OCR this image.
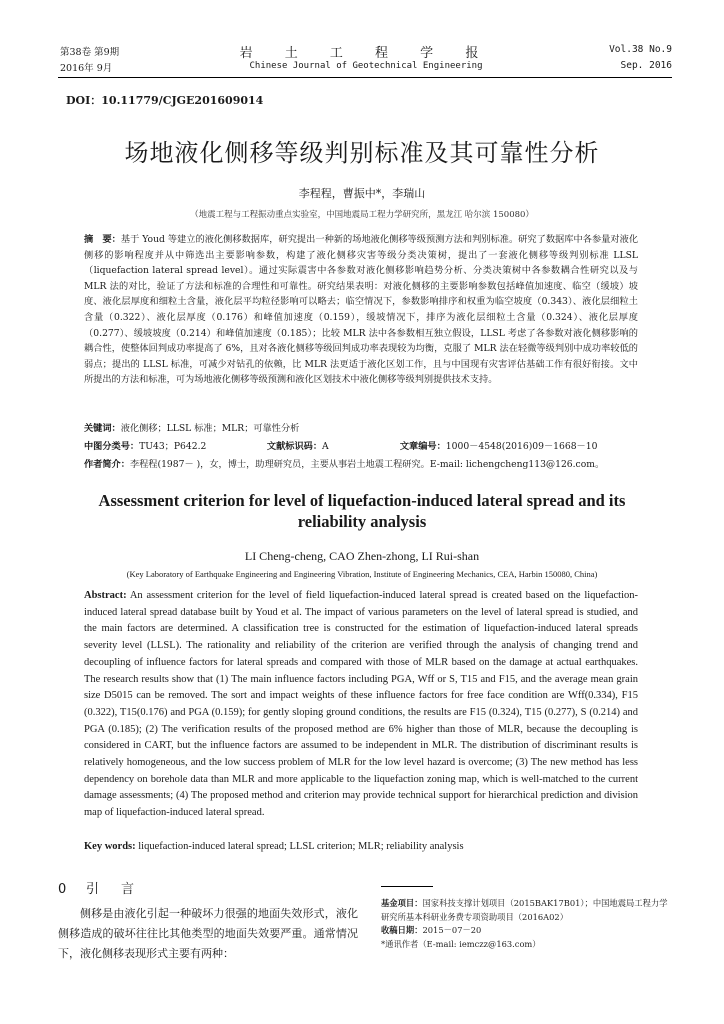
第38卷 第9期
2016年 9月
岩 土 工 程 学 报
Chinese Journal of Geotechnical Engineering
Vol.38 No.9
Sep. 2016
DOI：10.11779/CJGE201609014
场地液化侧移等级判别标准及其可靠性分析
李程程，曹振中*，李瑞山
（地震工程与工程振动重点实验室，中国地震局工程力学研究所，黑龙江 哈尔滨 150080）
摘　要：基于 Youd 等建立的液化侧移数据库，研究提出一种新的场地液化侧移等级预测方法和判别标准。研究了数据库中各参量对液化侧移的影响程度并从中筛选出主要影响参数，构建了液化侧移灾害等级分类决策树，提出了一套液化侧移等级判别标准 LLSL（liquefaction lateral spread level）。通过实际震害中各参数对液化侧移影响趋势分析、分类决策树中各参数耦合性研究以及与 MLR 法的对比，验证了方法和标准的合理性和可靠性。研究结果表明：对液化侧移的主要影响参数包括峰值加速度、临空（缓坡）坡度、液化层厚度和细粒土含量，液化层平均粒径影响可以略去；临空情况下，参数影响排序和权重为临空坡度（0.343）、液化层细粒土含量（0.322）、液化层厚度（0.176）和峰值加速度（0.159），缓坡情况下，排序为液化层细粒土含量（0.324）、液化层厚度（0.277）、缓坡坡度（0.214）和峰值加速度（0.185）；比较 MLR 法中各参数相互独立假设，LLSL 考虑了各参数对液化侧移影响的耦合性，使整体回判成功率提高了 6%，且对各液化侧移等级回判成功率表现较为均衡，克服了 MLR 法在轻微等级判别中成功率较低的弱点；提出的 LLSL 标准，可减少对钻孔的依赖，比 MLR 法更适于液化区划工作，且与中国现有灾害评估基础工作有很好衔接。文中所提出的方法和标准，可为场地液化侧移等级预测和液化区划技术中液化侧移等级判别提供技术支持。
关键词：液化侧移；LLSL 标准；MLR；可靠性分析
中图分类号：TU43；P642.2	文献标识码：A	文章编号：1000－4548(2016)09－1668－10
作者简介：李程程(1987－ )，女，博士，助理研究员，主要从事岩土地震工程研究。E-mail: lichengcheng113@126.com。
Assessment criterion for level of liquefaction-induced lateral spread and its reliability analysis
LI Cheng-cheng, CAO Zhen-zhong, LI Rui-shan
(Key Laboratory of Earthquake Engineering and Engineering Vibration, Institute of Engineering Mechanics, CEA, Harbin 150080, China)
Abstract: An assessment criterion for the level of field liquefaction-induced lateral spread is created based on the liquefaction-induced lateral spread database built by Youd et al. The impact of various parameters on the level of lateral spread is studied, and the main factors are determined. A classification tree is constructed for the estimation of liquefaction-induced lateral spreads severity level (LLSL). The rationality and reliability of the criterion are verified through the analysis of changing trend and decoupling of influence factors for lateral spreads and compared with those of MLR based on the damage at actual earthquakes. The research results show that (1) The main influence factors including PGA, Wff or S, T15 and F15, and the average mean grain size D5015 can be removed. The sort and impact weights of these influence factors for free face condition are Wff(0.334), F15 (0.322), T15(0.176) and PGA (0.159); for gently sloping ground conditions, the results are F15 (0.324), T15 (0.277), S (0.214) and PGA (0.185); (2) The verification results of the proposed method are 6% higher than those of MLR, because the decoupling is considered in CART, but the influence factors are assumed to be independent in MLR. The distribution of discriminant results is relatively homogeneous, and the low success problem of MLR for the low level hazard is overcome; (3) The new method has less dependency on borehole data than MLR and more applicable to the liquefaction zoning map, which is well-matched to the current damage assessments; (4) The proposed method and criterion may provide technical support for hierarchical prediction and division map of liquefaction-induced lateral spread.
Key words: liquefaction-induced lateral spread; LLSL criterion; MLR; reliability analysis
0 引言
侧移是由液化引起一种破坏力很强的地面失效形式，液化侧移造成的破坏往往比其他类型的地面失效要严重。通常情况下，液化侧移表现形式主要有两种：
基金项目：国家科技支撑计划项目（2015BAK17B01）；中国地震局工程力学研究所基本科研业务费专项资助项目（2016A02）
收稿日期：2015－07－20
*通讯作者（E-mail: iemczz@163.com）
